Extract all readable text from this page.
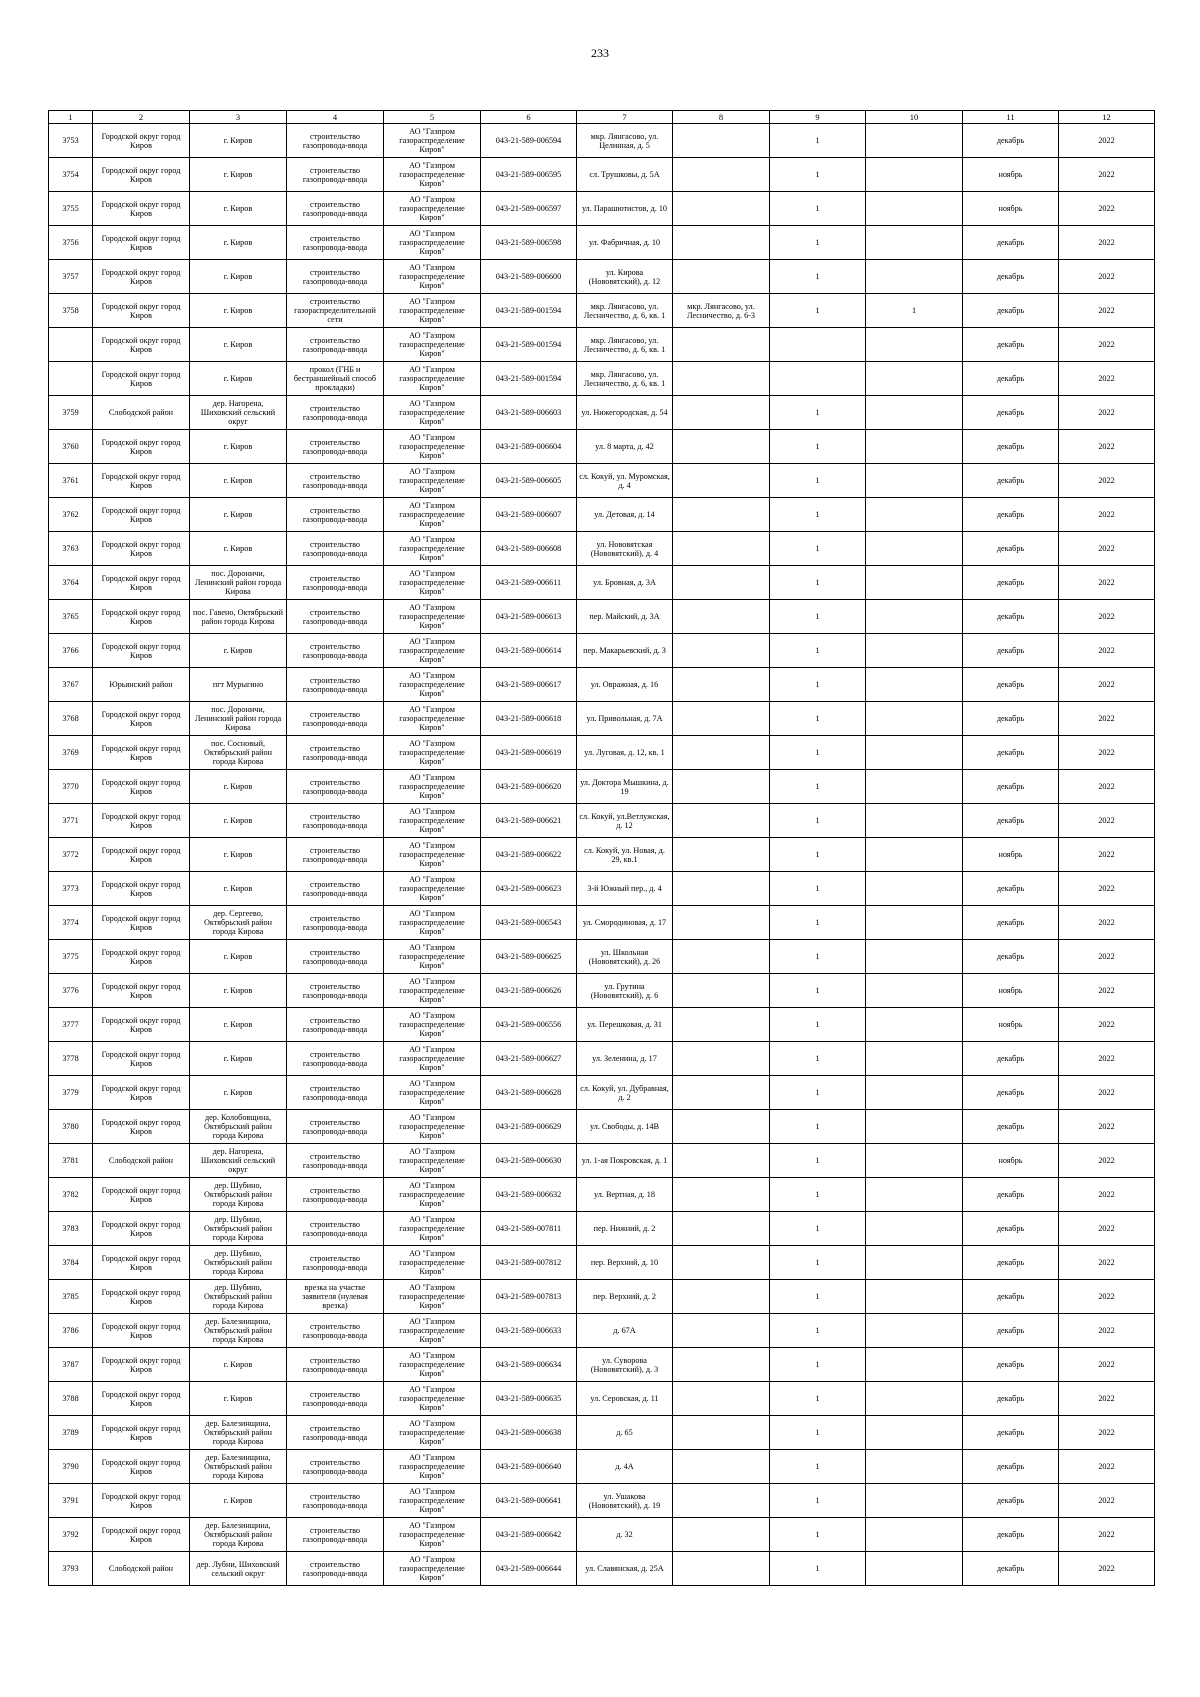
233
1	2	3	4	5	6	7	8	9	10	11	12
3753	Городской округ город Киров	г. Киров	строительство газопровода-ввода	АО "Газпром газораспределение Киров"	043-21-589-006594	мкр. Лянгасово, ул. Целинная, д. 5		1		декабрь	2022
3754	Городской округ город Киров	г. Киров	строительство газопровода-ввода	АО "Газпром газораспределение Киров"	043-21-589-006595	сл. Трушковы, д. 5А		1		ноябрь	2022
3755	Городской округ город Киров	г. Киров	строительство газопровода-ввода	АО "Газпром газораспределение Киров"	043-21-589-006597	ул. Парашютистов, д. 10		1		ноябрь	2022
3756	Городской округ город Киров	г. Киров	строительство газопровода-ввода	АО "Газпром газораспределение Киров"	043-21-589-006598	ул. Фабричная, д. 10		1		декабрь	2022
3757	Городской округ город Киров	г. Киров	строительство газопровода-ввода	АО "Газпром газораспределение Киров"	043-21-589-006600	ул. Кирова (Нововятский), д. 12		1		декабрь	2022
3758	Городской округ город Киров	г. Киров	строительство газораспределительной сети	АО "Газпром газораспределение Киров"	043-21-589-001594	мкр. Лянгасово, ул. Лесничество, д. 6, кв. 1	мкр. Лянгасово, ул. Лесничество, д. 6-3	1	1	декабрь	2022
	Городской округ город Киров	г. Киров	строительство газопровода-ввода	АО "Газпром газораспределение Киров"	043-21-589-001594	мкр. Лянгасово, ул. Лесничество, д. 6, кв. 1				декабрь	2022
	Городской округ город Киров	г. Киров	прокол (ГНБ и бестраншейный способ прокладки)	АО "Газпром газораспределение Киров"	043-21-589-001594	мкр. Лянгасово, ул. Лесничество, д. 6, кв. 1				декабрь	2022
3759	Слободской район	дер. Нагорена, Шиховский сельский округ	строительство газопровода-ввода	АО "Газпром газораспределение Киров"	043-21-589-006603	ул. Нижегородская, д. 54		1		декабрь	2022
3760	Городской округ город Киров	г. Киров	строительство газопровода-ввода	АО "Газпром газораспределение Киров"	043-21-589-006604	ул. 8 марта, д. 42		1		декабрь	2022
3761	Городской округ город Киров	г. Киров	строительство газопровода-ввода	АО "Газпром газораспределение Киров"	043-21-589-006605	сл. Кокуй, ул. Муромская, д. 4		1		декабрь	2022
3762	Городской округ город Киров	г. Киров	строительство газопровода-ввода	АО "Газпром газораспределение Киров"	043-21-589-006607	ул. Детовая, д. 14		1		декабрь	2022
3763	Городской округ город Киров	г. Киров	строительство газопровода-ввода	АО "Газпром газораспределение Киров"	043-21-589-006608	ул. Нововятская (Нововятский), д. 4		1		декабрь	2022
3764	Городской округ город Киров	пос. Дороничи, Ленинский район города Кирова	строительство газопровода-ввода	АО "Газпром газораспределение Киров"	043-21-589-006611	ул. Бровная, д. 3А		1		декабрь	2022
3765	Городской округ город Киров	пос. Гавено, Октябрьский район города Кирова	строительство газопровода-ввода	АО "Газпром газораспределение Киров"	043-21-589-006613	пер. Майский, д. 3А		1		декабрь	2022
3766	Городской округ город Киров	г. Киров	строительство газопровода-ввода	АО "Газпром газораспределение Киров"	043-21-589-006614	пер. Макарьевский, д. 3		1		декабрь	2022
3767	Юрьянский район	пгт Мурыгино	строительство газопровода-ввода	АО "Газпром газораспределение Киров"	043-21-589-006617	ул. Овражная, д. 16		1		декабрь	2022
3768	Городской округ город Киров	пос. Дороничи, Ленинский район города Кирова	строительство газопровода-ввода	АО "Газпром газораспределение Киров"	043-21-589-006618	ул. Привольная, д. 7А		1		декабрь	2022
3769	Городской округ город Киров	пос. Сосновый, Октябрьский район города Кирова	строительство газопровода-ввода	АО "Газпром газораспределение Киров"	043-21-589-006619	ул. Луговая, д. 12, кв. 1		1		декабрь	2022
3770	Городской округ город Киров	г. Киров	строительство газопровода-ввода	АО "Газпром газораспределение Киров"	043-21-589-006620	ул. Доктора Мышкина, д. 19		1		декабрь	2022
3771	Городской округ город Киров	г. Киров	строительство газопровода-ввода	АО "Газпром газораспределение Киров"	043-21-589-006621	сл. Кокуй, ул.Ветлужская, д. 12		1		декабрь	2022
3772	Городской округ город Киров	г. Киров	строительство газопровода-ввода	АО "Газпром газораспределение Киров"	043-21-589-006622	сл. Кокуй, ул. Новая, д. 29, кв.1		1		ноябрь	2022
3773	Городской округ город Киров	г. Киров	строительство газопровода-ввода	АО "Газпром газораспределение Киров"	043-21-589-006623	3-й Южный пер., д. 4		1		декабрь	2022
3774	Городской округ город Киров	дер. Сергеево, Октябрьский район города Кирова	строительство газопровода-ввода	АО "Газпром газораспределение Киров"	043-21-589-006543	ул. Смородиновая, д. 17		1		декабрь	2022
3775	Городской округ город Киров	г. Киров	строительство газопровода-ввода	АО "Газпром газораспределение Киров"	043-21-589-006625	ул. Школьная (Нововятский), д. 26		1		декабрь	2022
3776	Городской округ город Киров	г. Киров	строительство газопровода-ввода	АО "Газпром газораспределение Киров"	043-21-589-006626	ул. Грутина (Нововятский), д. 6		1		ноябрь	2022
3777	Городской округ город Киров	г. Киров	строительство газопровода-ввода	АО "Газпром газораспределение Киров"	043-21-589-006556	ул. Перешковая, д. 31		1		ноябрь	2022
3778	Городской округ город Киров	г. Киров	строительство газопровода-ввода	АО "Газпром газораспределение Киров"	043-21-589-006627	ул. Зеленина, д. 17		1		декабрь	2022
3779	Городской округ город Киров	г. Киров	строительство газопровода-ввода	АО "Газпром газораспределение Киров"	043-21-589-006628	сл. Кокуй, ул. Дубравная, д. 2		1		декабрь	2022
3780	Городской округ город Киров	дер. Колобовщина, Октябрьский район города Кирова	строительство газопровода-ввода	АО "Газпром газораспределение Киров"	043-21-589-006629	ул. Свободы, д. 14В		1		декабрь	2022
3781	Слободской район	дер. Нагорена, Шиховский сельский округ	строительство газопровода-ввода	АО "Газпром газораспределение Киров"	043-21-589-006630	ул. 1-ая Покровская, д. 1		1		ноябрь	2022
3782	Городской округ город Киров	дер. Шубино, Октябрьский район города Кирова	строительство газопровода-ввода	АО "Газпром газораспределение Киров"	043-21-589-006632	ул. Вертная, д. 18		1		декабрь	2022
3783	Городской округ город Киров	дер. Шубино, Октябрьский район города Кирова	строительство газопровода-ввода	АО "Газпром газораспределение Киров"	043-21-589-007811	пер. Нижний, д. 2		1		декабрь	2022
3784	Городской округ город Киров	дер. Шубино, Октябрьский район города Кирова	строительство газопровода-ввода	АО "Газпром газораспределение Киров"	043-21-589-007812	пер. Верхний, д. 10		1		декабрь	2022
3785	Городской округ город Киров	дер. Шубино, Октябрьский район города Кирова	врезка на участке заявителя (нулевая врезка)	АО "Газпром газораспределение Киров"	043-21-589-007813	пер. Верхний, д. 2		1		декабрь	2022
3786	Городской округ город Киров	дер. Балезинщина, Октябрьский район города Кирова	строительство газопровода-ввода	АО "Газпром газораспределение Киров"	043-21-589-006633	д. 67А		1		декабрь	2022
3787	Городской округ город Киров	г. Киров	строительство газопровода-ввода	АО "Газпром газораспределение Киров"	043-21-589-006634	ул. Суворова (Нововятский), д. 3		1		декабрь	2022
3788	Городской округ город Киров	г. Киров	строительство газопровода-ввода	АО "Газпром газораспределение Киров"	043-21-589-006635	ул. Серовская, д. 11		1		декабрь	2022
3789	Городской округ город Киров	дер. Балезинщина, Октябрьский район города Кирова	строительство газопровода-ввода	АО "Газпром газораспределение Киров"	043-21-589-006638	д. 65		1		декабрь	2022
3790	Городской округ город Киров	дер. Балезинщина, Октябрьский район города Кирова	строительство газопровода-ввода	АО "Газпром газораспределение Киров"	043-21-589-006640	д. 4А		1		декабрь	2022
3791	Городской округ город Киров	г. Киров	строительство газопровода-ввода	АО "Газпром газораспределение Киров"	043-21-589-006641	ул. Ушакова (Нововятский), д. 19		1		декабрь	2022
3792	Городской округ город Киров	дер. Балезинщина, Октябрьский район города Кирова	строительство газопровода-ввода	АО "Газпром газораспределение Киров"	043-21-589-006642	д. 32		1		декабрь	2022
3793	Слободской район	дер. Лубни, Шиховский сельский округ	строительство газопровода-ввода	АО "Газпром газораспределение Киров"	043-21-589-006644	ул. Славянская, д. 25А		1		декабрь	2022
